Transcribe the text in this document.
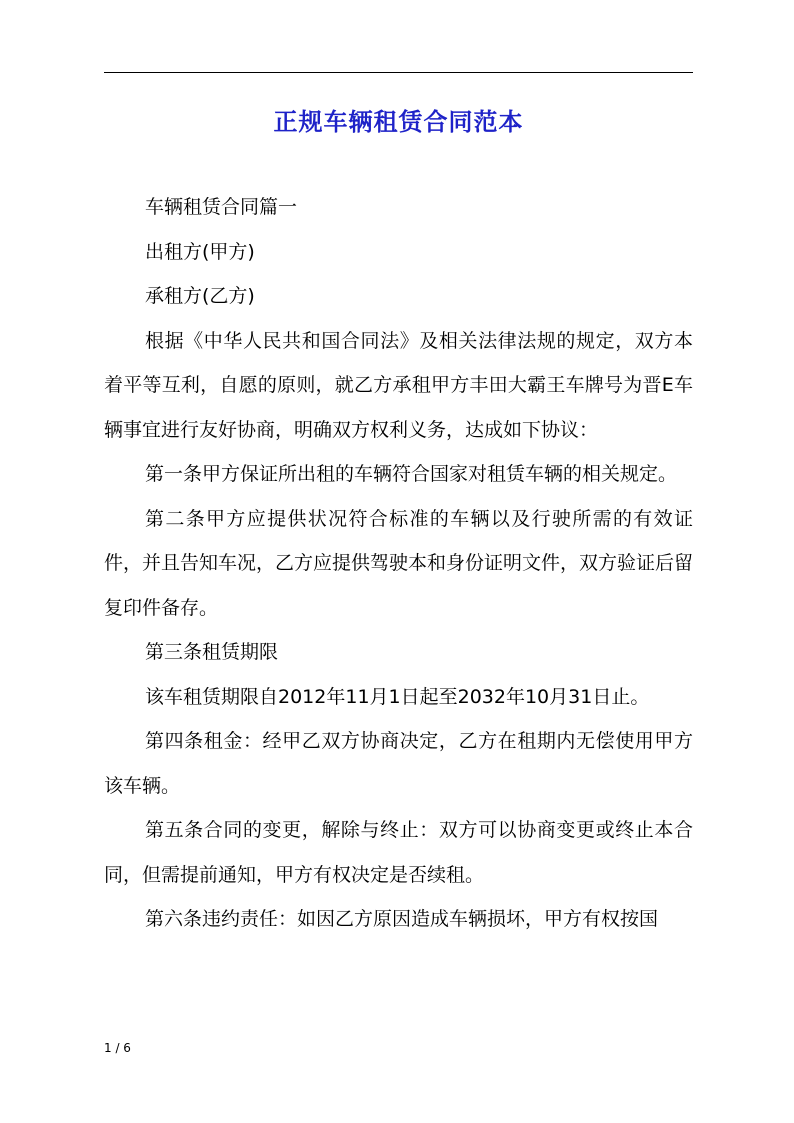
正规车辆租赁合同范本

车辆租赁合同篇一

出租方(甲方)

承租方(乙方)

根据《中华人民共和国合同法》及相关法律法规的规定，双方本着平等互利，自愿的原则，就乙方承租甲方丰田大霸王车牌号为晋E车辆事宜进行友好协商，明确双方权利义务，达成如下协议：

第一条甲方保证所出租的车辆符合国家对租赁车辆的相关规定。

第二条甲方应提供状况符合标准的车辆以及行驶所需的有效证件，并且告知车况，乙方应提供驾驶本和身份证明文件，双方验证后留复印件备存。

第三条租赁期限

该车租赁期限自2012年11月1日起至2032年10月31日止。

第四条租金：经甲乙双方协商决定，乙方在租期内无偿使用甲方该车辆。

第五条合同的变更，解除与终止：双方可以协商变更或终止本合同，但需提前通知，甲方有权决定是否续租。

第六条违约责任：如因乙方原因造成车辆损坏，甲方有权按国

1 / 6
